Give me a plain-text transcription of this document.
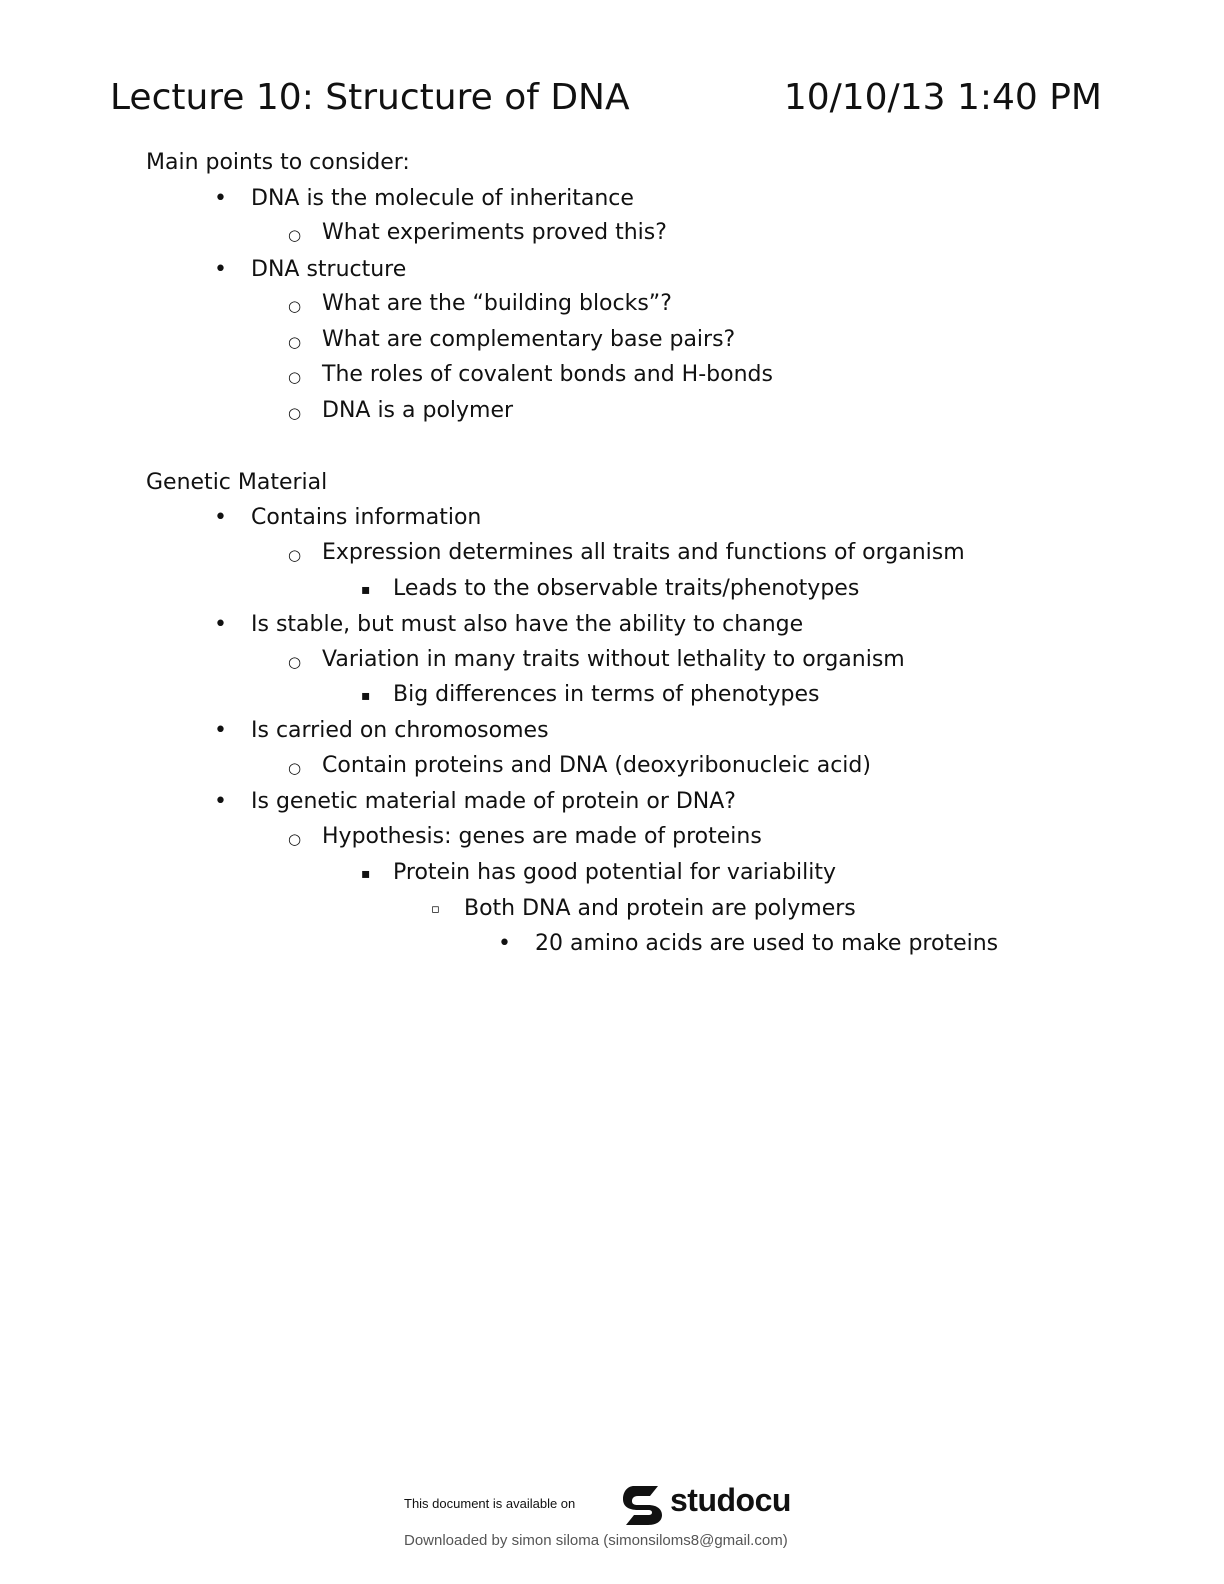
Lecture 10: Structure of DNA	10/10/13 1:40 PM
Main points to consider:
• DNA is the molecule of inheritance
○ What experiments proved this?
• DNA structure
○ What are the “building blocks”?
○ What are complementary base pairs?
○ The roles of covalent bonds and H-bonds
○ DNA is a polymer
Genetic Material
• Contains information
○ Expression determines all traits and functions of organism
▪ Leads to the observable traits/phenotypes
• Is stable, but must also have the ability to change
○ Variation in many traits without lethality to organism
▪ Big differences in terms of phenotypes
• Is carried on chromosomes
○ Contain proteins and DNA (deoxyribonucleic acid)
• Is genetic material made of protein or DNA?
○ Hypothesis: genes are made of proteins
▪ Protein has good potential for variability
▫ Both DNA and protein are polymers
• 20 amino acids are used to make proteins
This document is available on	studocu
Downloaded by simon siloma (simonsiloms8@gmail.com)
